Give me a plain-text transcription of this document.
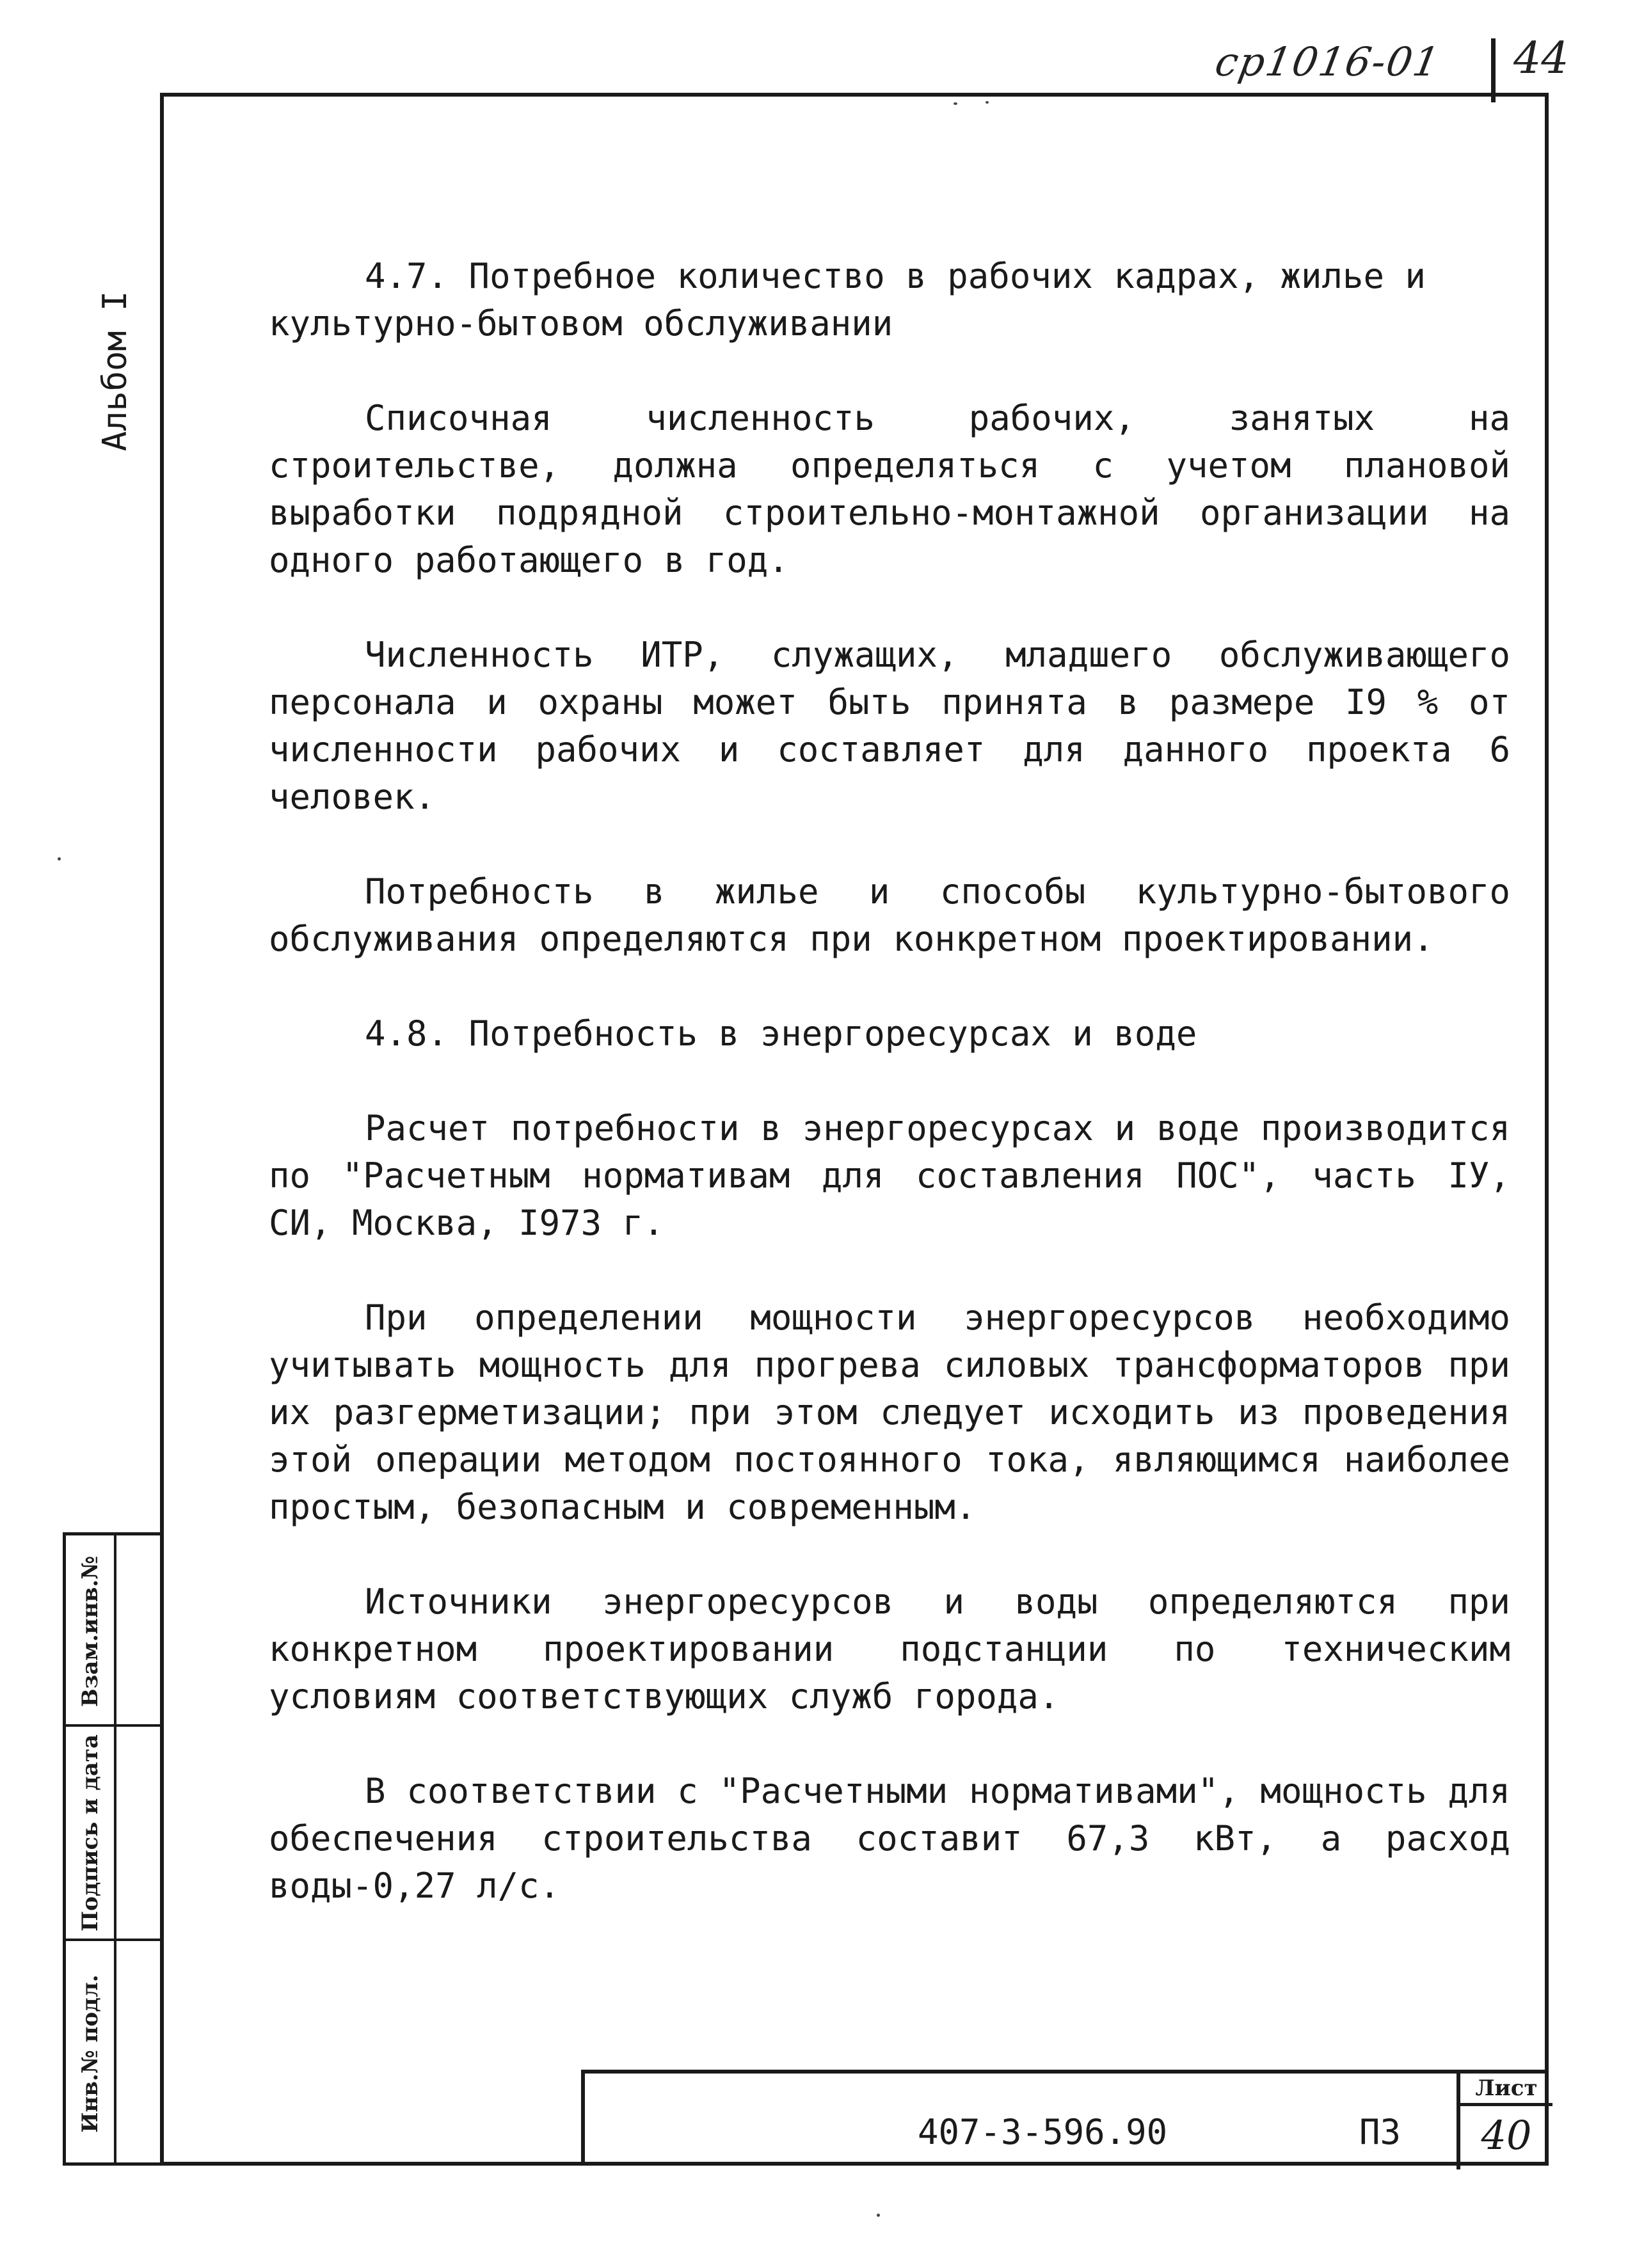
ср1016-01 44
Альбом I
Взам.инв.№
Подпись и дата
Инв.№ подл.

4.7. Потребное количество в рабочих кадрах, жилье и культурно-бытовом обслуживании

Списочная численность рабочих, занятых на строительстве, должна определяться с учетом плановой выработки подрядной строительно-монтажной организации на одного работающего в год.

Численность ИТР, служащих, младшего обслуживающего персонала и охраны может быть принята в размере I9 % от численности рабочих и составляет для данного проекта 6 человек.

Потребность в жилье и способы культурно-бытового обслуживания определяются при конкретном проектировании.

4.8. Потребность в энергоресурсах и воде

Расчет потребности в энергоресурсах и воде производится по "Расчетным нормативам для составления ПОС", часть IУ, СИ, Москва, I973 г.

При определении мощности энергоресурсов необходимо учитывать мощность для прогрева силовых трансформаторов при их разгерметизации; при этом следует исходить из проведения этой операции методом постоянного тока, являющимся наиболее простым, безопасным и современным.

Источники энергоресурсов и воды определяются при конкретном проектировании подстанции по техническим условиям соответствующих служб города.

В соответствии с "Расчетными нормативами", мощность для обеспечения строительства составит 67,3 кВт, а расход воды-0,27 л/с.

407-3-596.90	ПЗ
Лист
40
